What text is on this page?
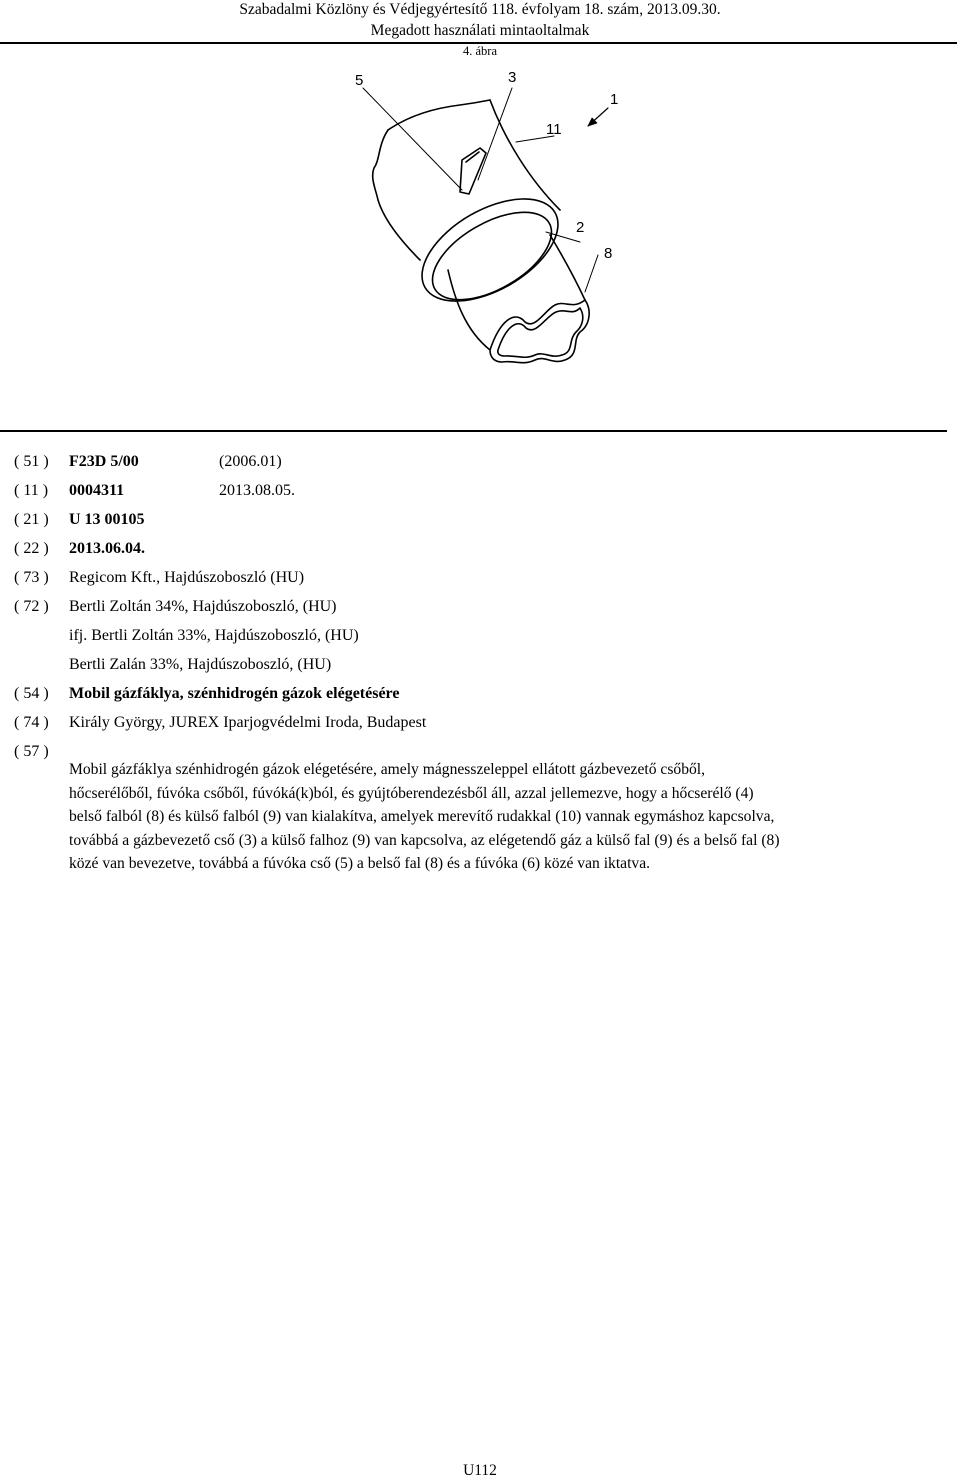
Szabadalmi Közlöny és Védjegyértesítő 118. évfolyam 18. szám, 2013.09.30.
Megadott használati mintaoltalmak
4. ábra
5	3
1
11
2
8
( 51 )	F23D 5/00	(2006.01)
( 11 )	0004311	2013.08.05.
( 21 )	U 13 00105
( 22 )	2013.06.04.
( 73 )	Regicom Kft., Hajdúszoboszló (HU)
( 72 )	Bertli Zoltán 34%, Hajdúszoboszló, (HU)
ifj. Bertli Zoltán 33%, Hajdúszoboszló, (HU)
Bertli Zalán 33%, Hajdúszoboszló, (HU)
( 54 )	Mobil gázfáklya, szénhidrogén gázok elégetésére
( 74 )	Király György, JUREX Iparjogvédelmi Iroda, Budapest
( 57 )
Mobil gázfáklya szénhidrogén gázok elégetésére, amely mágnesszeleppel ellátott gázbevezető csőből,
hőcserélőből, fúvóka csőből, fúvóká(k)ból, és gyújtóberendezésből áll, azzal jellemezve, hogy a hőcserélő (4)
belső falból (8) és külső falból (9) van kialakítva, amelyek merevítő rudakkal (10) vannak egymáshoz kapcsolva,
továbbá a gázbevezető cső (3) a külső falhoz (9) van kapcsolva, az elégetendő gáz a külső fal (9) és a belső fal (8)
közé van bevezetve, továbbá a fúvóka cső (5) a belső fal (8) és a fúvóka (6) közé van iktatva.
U112
